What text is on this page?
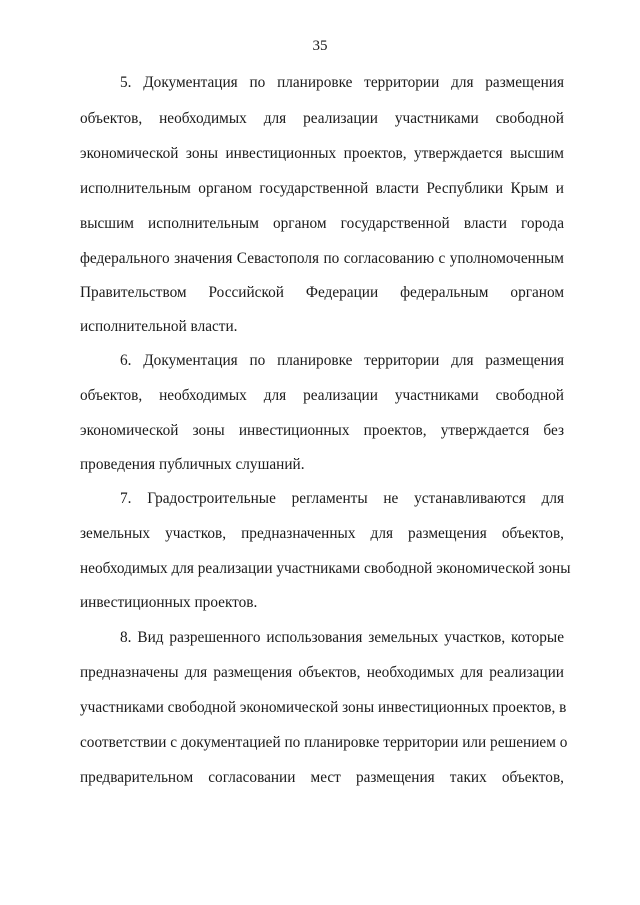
35
5. Документация по планировке территории для размещения
объектов, необходимых для реализации участниками свободной
экономической зоны инвестиционных проектов, утверждается высшим
исполнительным органом государственной власти Республики Крым и
высшим исполнительным органом государственной власти города
федерального значения Севастополя по согласованию с уполномоченным
Правительством Российской Федерации федеральным органом
исполнительной власти.
6. Документация по планировке территории для размещения
объектов, необходимых для реализации участниками свободной
экономической зоны инвестиционных проектов, утверждается без
проведения публичных слушаний.
7. Градостроительные регламенты не устанавливаются для
земельных участков, предназначенных для размещения объектов,
необходимых для реализации участниками свободной экономической зоны
инвестиционных проектов.
8. Вид разрешенного использования земельных участков, которые
предназначены для размещения объектов, необходимых для реализации
участниками свободной экономической зоны инвестиционных проектов, в
соответствии с документацией по планировке территории или решением о
предварительном согласовании мест размещения таких объектов,
